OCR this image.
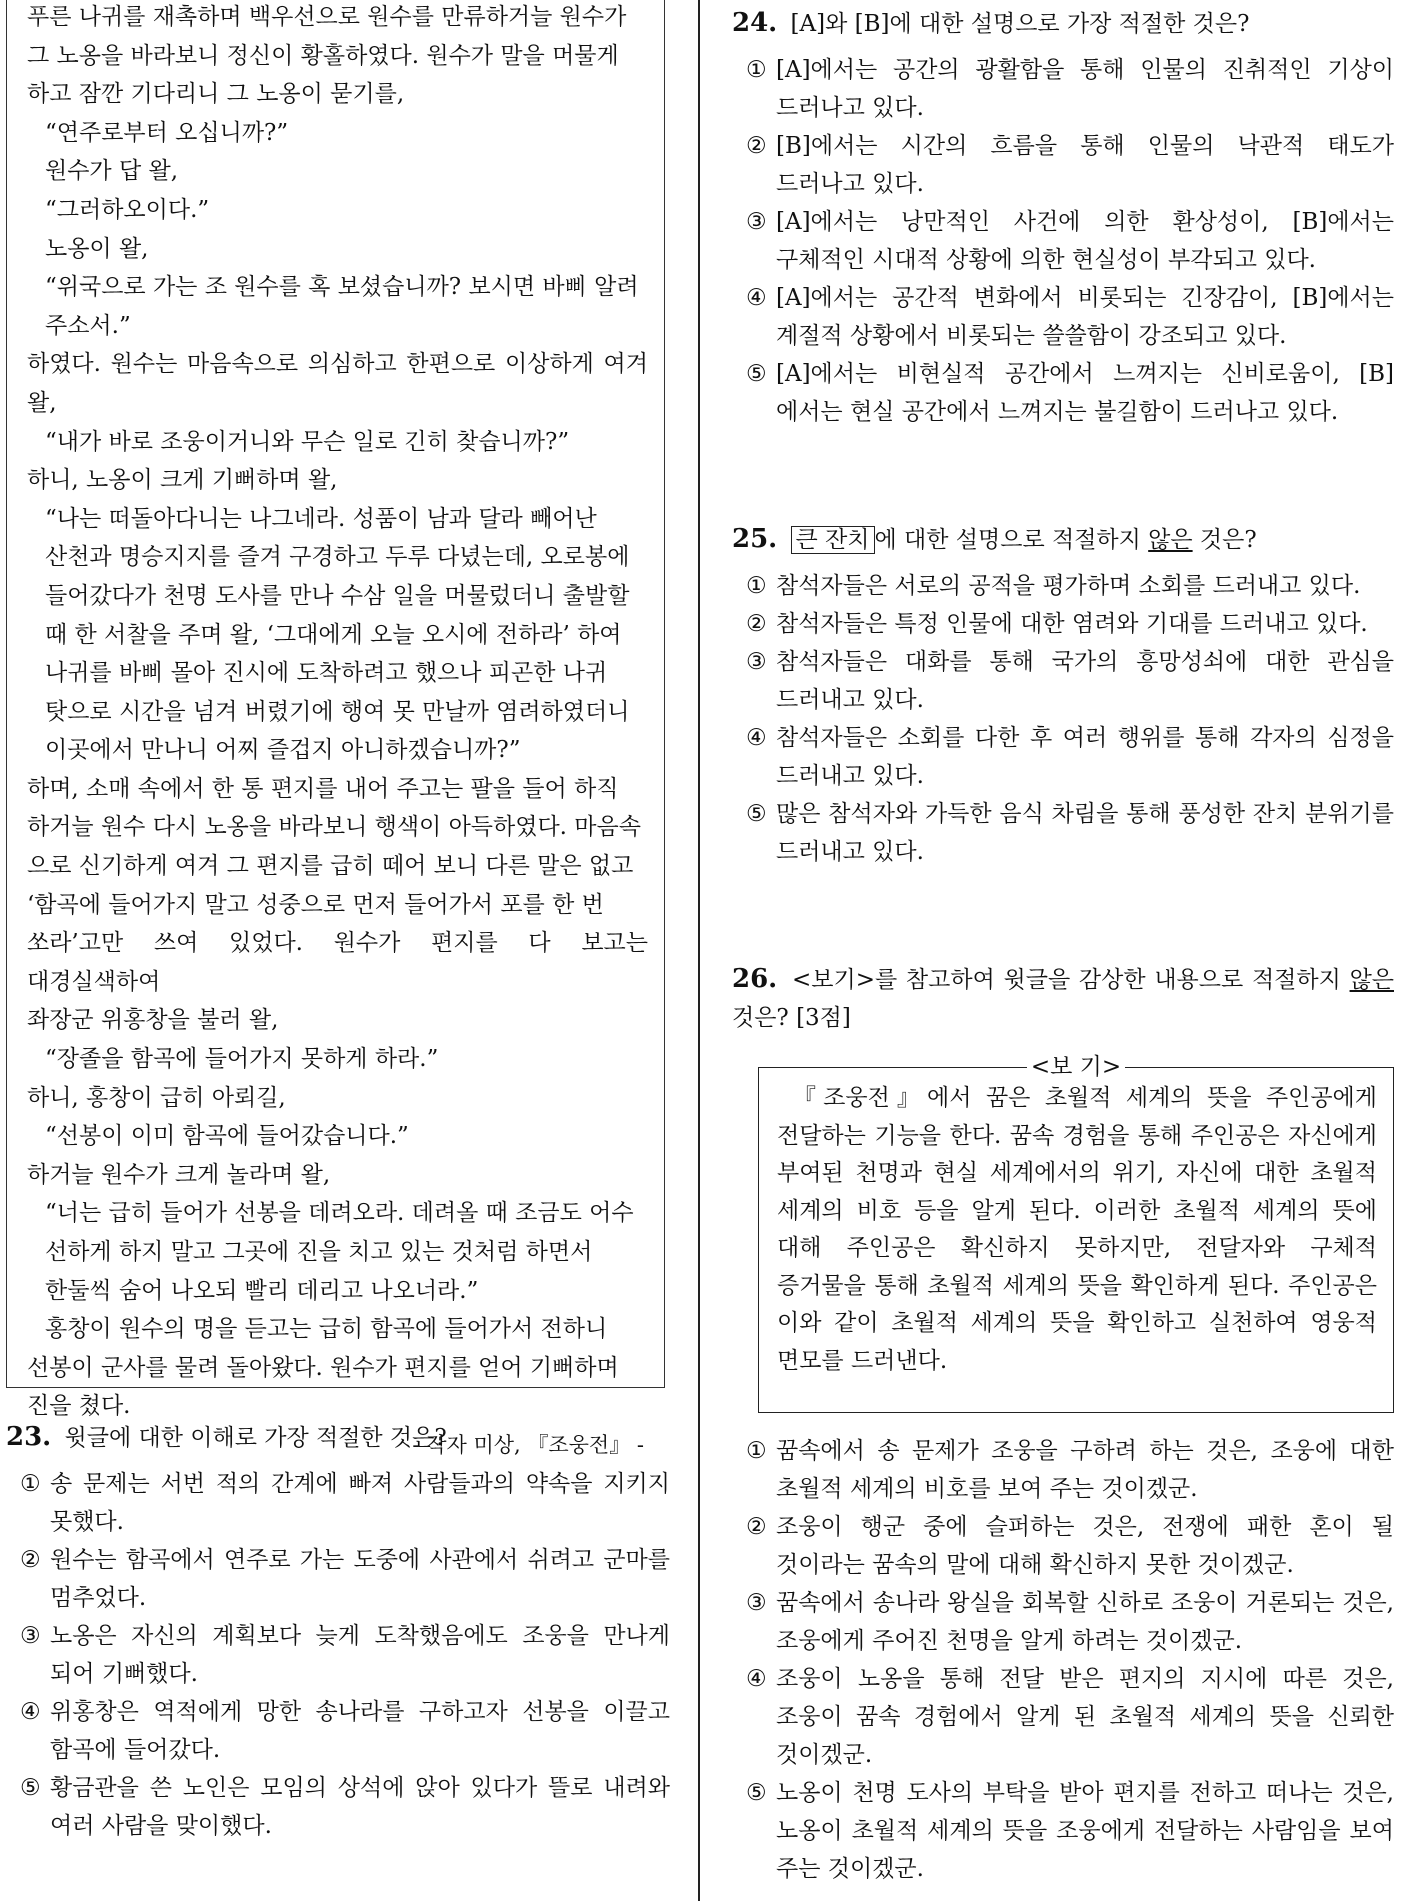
푸른 나귀를 재촉하며 백우선으로 원수를 만류하거늘 원수가

그 노옹을 바라보니 정신이 황홀하였다. 원수가 말을 머물게

하고 잠깐 기다리니 그 노옹이 묻기를,

“연주로부터 오십니까?”

원수가 답 왈,

“그러하오이다.”

노옹이 왈,

“위국으로 가는 조 원수를 혹 보셨습니까? 보시면 바삐 알려

주소서.”

하였다. 원수는 마음속으로 의심하고 한편으로 이상하게 여겨 왈,

“내가 바로 조웅이거니와 무슨 일로 긴히 찾습니까?”

하니, 노옹이 크게 기뻐하며 왈,

“나는 떠돌아다니는 나그네라. 성품이 남과 달라 빼어난

산천과 명승지지를 즐겨 구경하고 두루 다녔는데, 오로봉에

들어갔다가 천명 도사를 만나 수삼 일을 머물렀더니 출발할

때 한 서찰을 주며 왈, ‘그대에게 오늘 오시에 전하라’ 하여

나귀를 바삐 몰아 진시에 도착하려고 했으나 피곤한 나귀

탓으로 시간을 넘겨 버렸기에 행여 못 만날까 염려하였더니

이곳에서 만나니 어찌 즐겁지 아니하겠습니까?”

하며, 소매 속에서 한 통 편지를 내어 주고는 팔을 들어 하직

하거늘 원수 다시 노옹을 바라보니 행색이 아득하였다. 마음속

으로 신기하게 여겨 그 편지를 급히 떼어 보니 다른 말은 없고

‘함곡에 들어가지 말고 성중으로 먼저 들어가서 포를 한 번

쏘라’고만 쓰여 있었다. 원수가 편지를 다 보고는 대경실색하여

좌장군 위홍창을 불러 왈,

“장졸을 함곡에 들어가지 못하게 하라.”

하니, 홍창이 급히 아뢰길,

“선봉이 이미 함곡에 들어갔습니다.”

하거늘 원수가 크게 놀라며 왈,

“너는 급히 들어가 선봉을 데려오라. 데려올 때 조금도 어수

선하게 하지 말고 그곳에 진을 치고 있는 것처럼 하면서

한둘씩 숨어 나오되 빨리 데리고 나오너라.”

홍창이 원수의 명을 듣고는 급히 함곡에 들어가서 전하니

선봉이 군사를 물려 돌아왔다. 원수가 편지를 얻어 기뻐하며

진을 쳤다.

- 작자 미상, 『조웅전』 -

23. 윗글에 대한 이해로 가장 적절한 것은?

① 송 문제는 서번 적의 간계에 빠져 사람들과의 약속을 지키지 못했다.
② 원수는 함곡에서 연주로 가는 도중에 사관에서 쉬려고 군마를 멈추었다.
③ 노옹은 자신의 계획보다 늦게 도착했음에도 조웅을 만나게 되어 기뻐했다.
④ 위홍창은 역적에게 망한 송나라를 구하고자 선봉을 이끌고 함곡에 들어갔다.
⑤ 황금관을 쓴 노인은 모임의 상석에 앉아 있다가 뜰로 내려와 여러 사람을 맞이했다.

24. [A]와 [B]에 대한 설명으로 가장 적절한 것은?

① [A]에서는 공간의 광활함을 통해 인물의 진취적인 기상이 드러나고 있다.
② [B]에서는 시간의 흐름을 통해 인물의 낙관적 태도가 드러나고 있다.
③ [A]에서는 낭만적인 사건에 의한 환상성이, [B]에서는 구체적인 시대적 상황에 의한 현실성이 부각되고 있다.
④ [A]에서는 공간적 변화에서 비롯되는 긴장감이, [B]에서는 계절적 상황에서 비롯되는 쓸쓸함이 강조되고 있다.
⑤ [A]에서는 비현실적 공간에서 느껴지는 신비로움이, [B]에서는 현실 공간에서 느껴지는 불길함이 드러나고 있다.

25. 큰 잔치 에 대한 설명으로 적절하지 않은 것은?

① 참석자들은 서로의 공적을 평가하며 소회를 드러내고 있다.
② 참석자들은 특정 인물에 대한 염려와 기대를 드러내고 있다.
③ 참석자들은 대화를 통해 국가의 흥망성쇠에 대한 관심을 드러내고 있다.
④ 참석자들은 소회를 다한 후 여러 행위를 통해 각자의 심정을 드러내고 있다.
⑤ 많은 참석자와 가득한 음식 차림을 통해 풍성한 잔치 분위기를 드러내고 있다.

26. <보기>를 참고하여 윗글을 감상한 내용으로 적절하지 않은 것은? [3점]

<보 기>

『조웅전』에서 꿈은 초월적 세계의 뜻을 주인공에게 전달하는 기능을 한다. 꿈속 경험을 통해 주인공은 자신에게 부여된 천명과 현실 세계에서의 위기, 자신에 대한 초월적 세계의 비호 등을 알게 된다. 이러한 초월적 세계의 뜻에 대해 주인공은 확신하지 못하지만, 전달자와 구체적 증거물을 통해 초월적 세계의 뜻을 확인하게 된다. 주인공은 이와 같이 초월적 세계의 뜻을 확인하고 실천하여 영웅적 면모를 드러낸다.

① 꿈속에서 송 문제가 조웅을 구하려 하는 것은, 조웅에 대한 초월적 세계의 비호를 보여 주는 것이겠군.
② 조웅이 행군 중에 슬퍼하는 것은, 전쟁에 패한 혼이 될 것이라는 꿈속의 말에 대해 확신하지 못한 것이겠군.
③ 꿈속에서 송나라 왕실을 회복할 신하로 조웅이 거론되는 것은, 조웅에게 주어진 천명을 알게 하려는 것이겠군.
④ 조웅이 노옹을 통해 전달 받은 편지의 지시에 따른 것은, 조웅이 꿈속 경험에서 알게 된 초월적 세계의 뜻을 신뢰한 것이겠군.
⑤ 노옹이 천명 도사의 부탁을 받아 편지를 전하고 떠나는 것은, 노옹이 초월적 세계의 뜻을 조웅에게 전달하는 사람임을 보여 주는 것이겠군.
